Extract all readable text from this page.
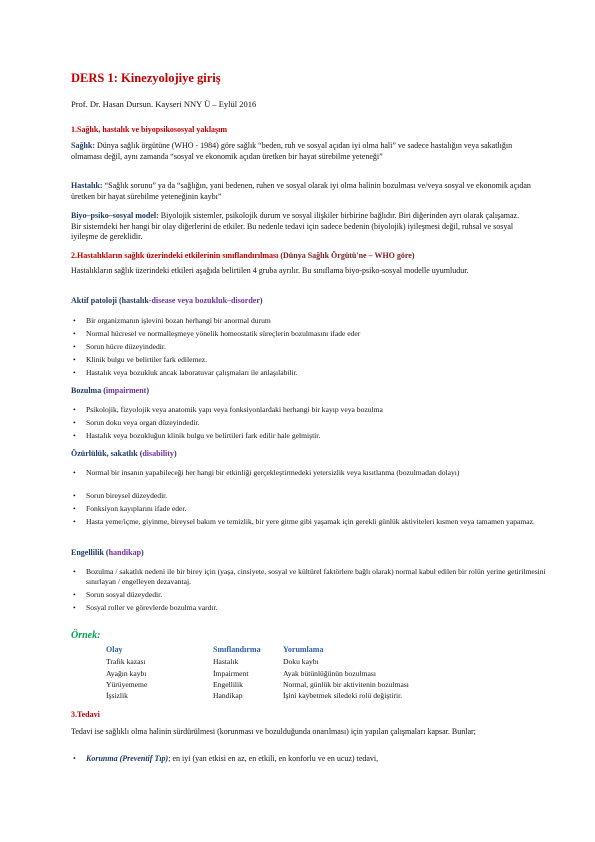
DERS 1: Kinezyolojiye giriş
Prof. Dr. Hasan Dursun. Kayseri NNY Ü – Eylül 2016
1.Sağlık, hastalık ve biyopsikososyal yaklaşım
Sağlık: Dünya sağlık örgütüne (WHO - 1984) göre sağlık “beden, ruh ve sosyal açıdan iyi olma hali” ve sadece hastalığın veya sakatlığın olmaması değil, aynı zamanda “sosyal ve ekonomik açıdan üretken bir hayat sürebilme yeteneği”
Hastalık: “Sağlık sorunu” ya da “sağlığın, yani bedenen, ruhen ve sosyal olarak iyi olma halinin bozulması ve/veya sosyal ve ekonomik açıdan üretken bir hayat sürebilme yeteneğinin kaybı”
Biyo–psiko–sosyal model: Biyolojik sistemler, psikolojik durum ve sosyal ilişkiler birbirine bağlıdır. Biri diğerinden ayrı olarak çalışamaz. Bir sistemdeki her hangi bir olay diğerlerini de etkiler. Bu nedenle tedavi için sadece bedenin (biyolojik) iyileşmesi değil, ruhsal ve sosyal iyileşme de gereklidir.
2.Hastalıkların sağlık üzerindeki etkilerinin sınıflandırılması (Dünya Sağlık Örgütü'ne – WHO göre)
Hastalıkların sağlık üzerindeki etkileri aşağıda belirtilen 4 gruba ayrılır. Bu sınıflama biyo-psiko-sosyal modelle uyumludur.
Aktif patoloji (hastalık-disease veya bozukluk–disorder)
• Bir organizmanın işlevini bozan herhangi bir anormal durum
• Normal hücresel ve normalleşmeye yönelik homeostatik süreçlerin bozulmasını ifade eder
• Sorun hücre düzeyindedir.
• Klinik bulgu ve belirtiler fark edilemez.
• Hastalık veya bozukluk ancak laboratuvar çalışmaları ile anlaşılabilir.
Bozulma (impairment)
• Psikolojik, fizyolojik veya anatomik yapı veya fonksiyonlardaki herhangi bir kayıp veya bozulma
• Sorun doku veya organ düzeyindedir.
• Hastalık veya bozukluğun klinik bulgu ve belirtileri fark edilir hale gelmiştir.
Özürlülük, sakatlık (disability)
• Normal bir insanın yapabileceği her hangi bir etkinliği gerçekleştirmedeki yetersizlik veya kısıtlanma (bozulmadan dolayı)
• Sorun bireysel düzeydedir.
• Fonksiyon kayıplarını ifade eder.
• Hasta yeme/içme, giyinme, bireysel bakım ve temizlik, bir yere gitme gibi yaşamak için gerekli günlük aktiviteleri kısmen veya tamamen yapamaz.
Engellilik (handikap)
• Bozulma / sakatlık nedeni ile bir birey için (yaşa, cinsiyete, sosyal ve kültürel faktörlere bağlı olarak) normal kabul edilen bir rolün yerine getirilmesini sınırlayan / engelleyen dezavantaj.
• Sorun sosyal düzeydedir.
• Sosyal roller ve görevlerde bozulma vardır.
Örnek:
Olay	Sınıflandırma	Yorumlama
Trafik kazası	Hastalık	Doku kaybı
Ayağın kaybı	İmpairment	Ayak bütünlüğünün bozulması
Yürüyememe	Engellilik	Normal, günlük bir aktivitenin bozulması
İşsizlik	Handikap	İşini kaybetmek siledeki rolü değiştirir.
3.Tedavi
Tedavi ise sağlıklı olma halinin sürdürülmesi (korunması ve bozulduğunda onarılması) için yapılan çalışmaları kapsar. Bunlar;
• Korunma (Preventif Tıp); en iyi (yan etkisi en az, en etkili, en konforlu ve en ucuz) tedavi,
